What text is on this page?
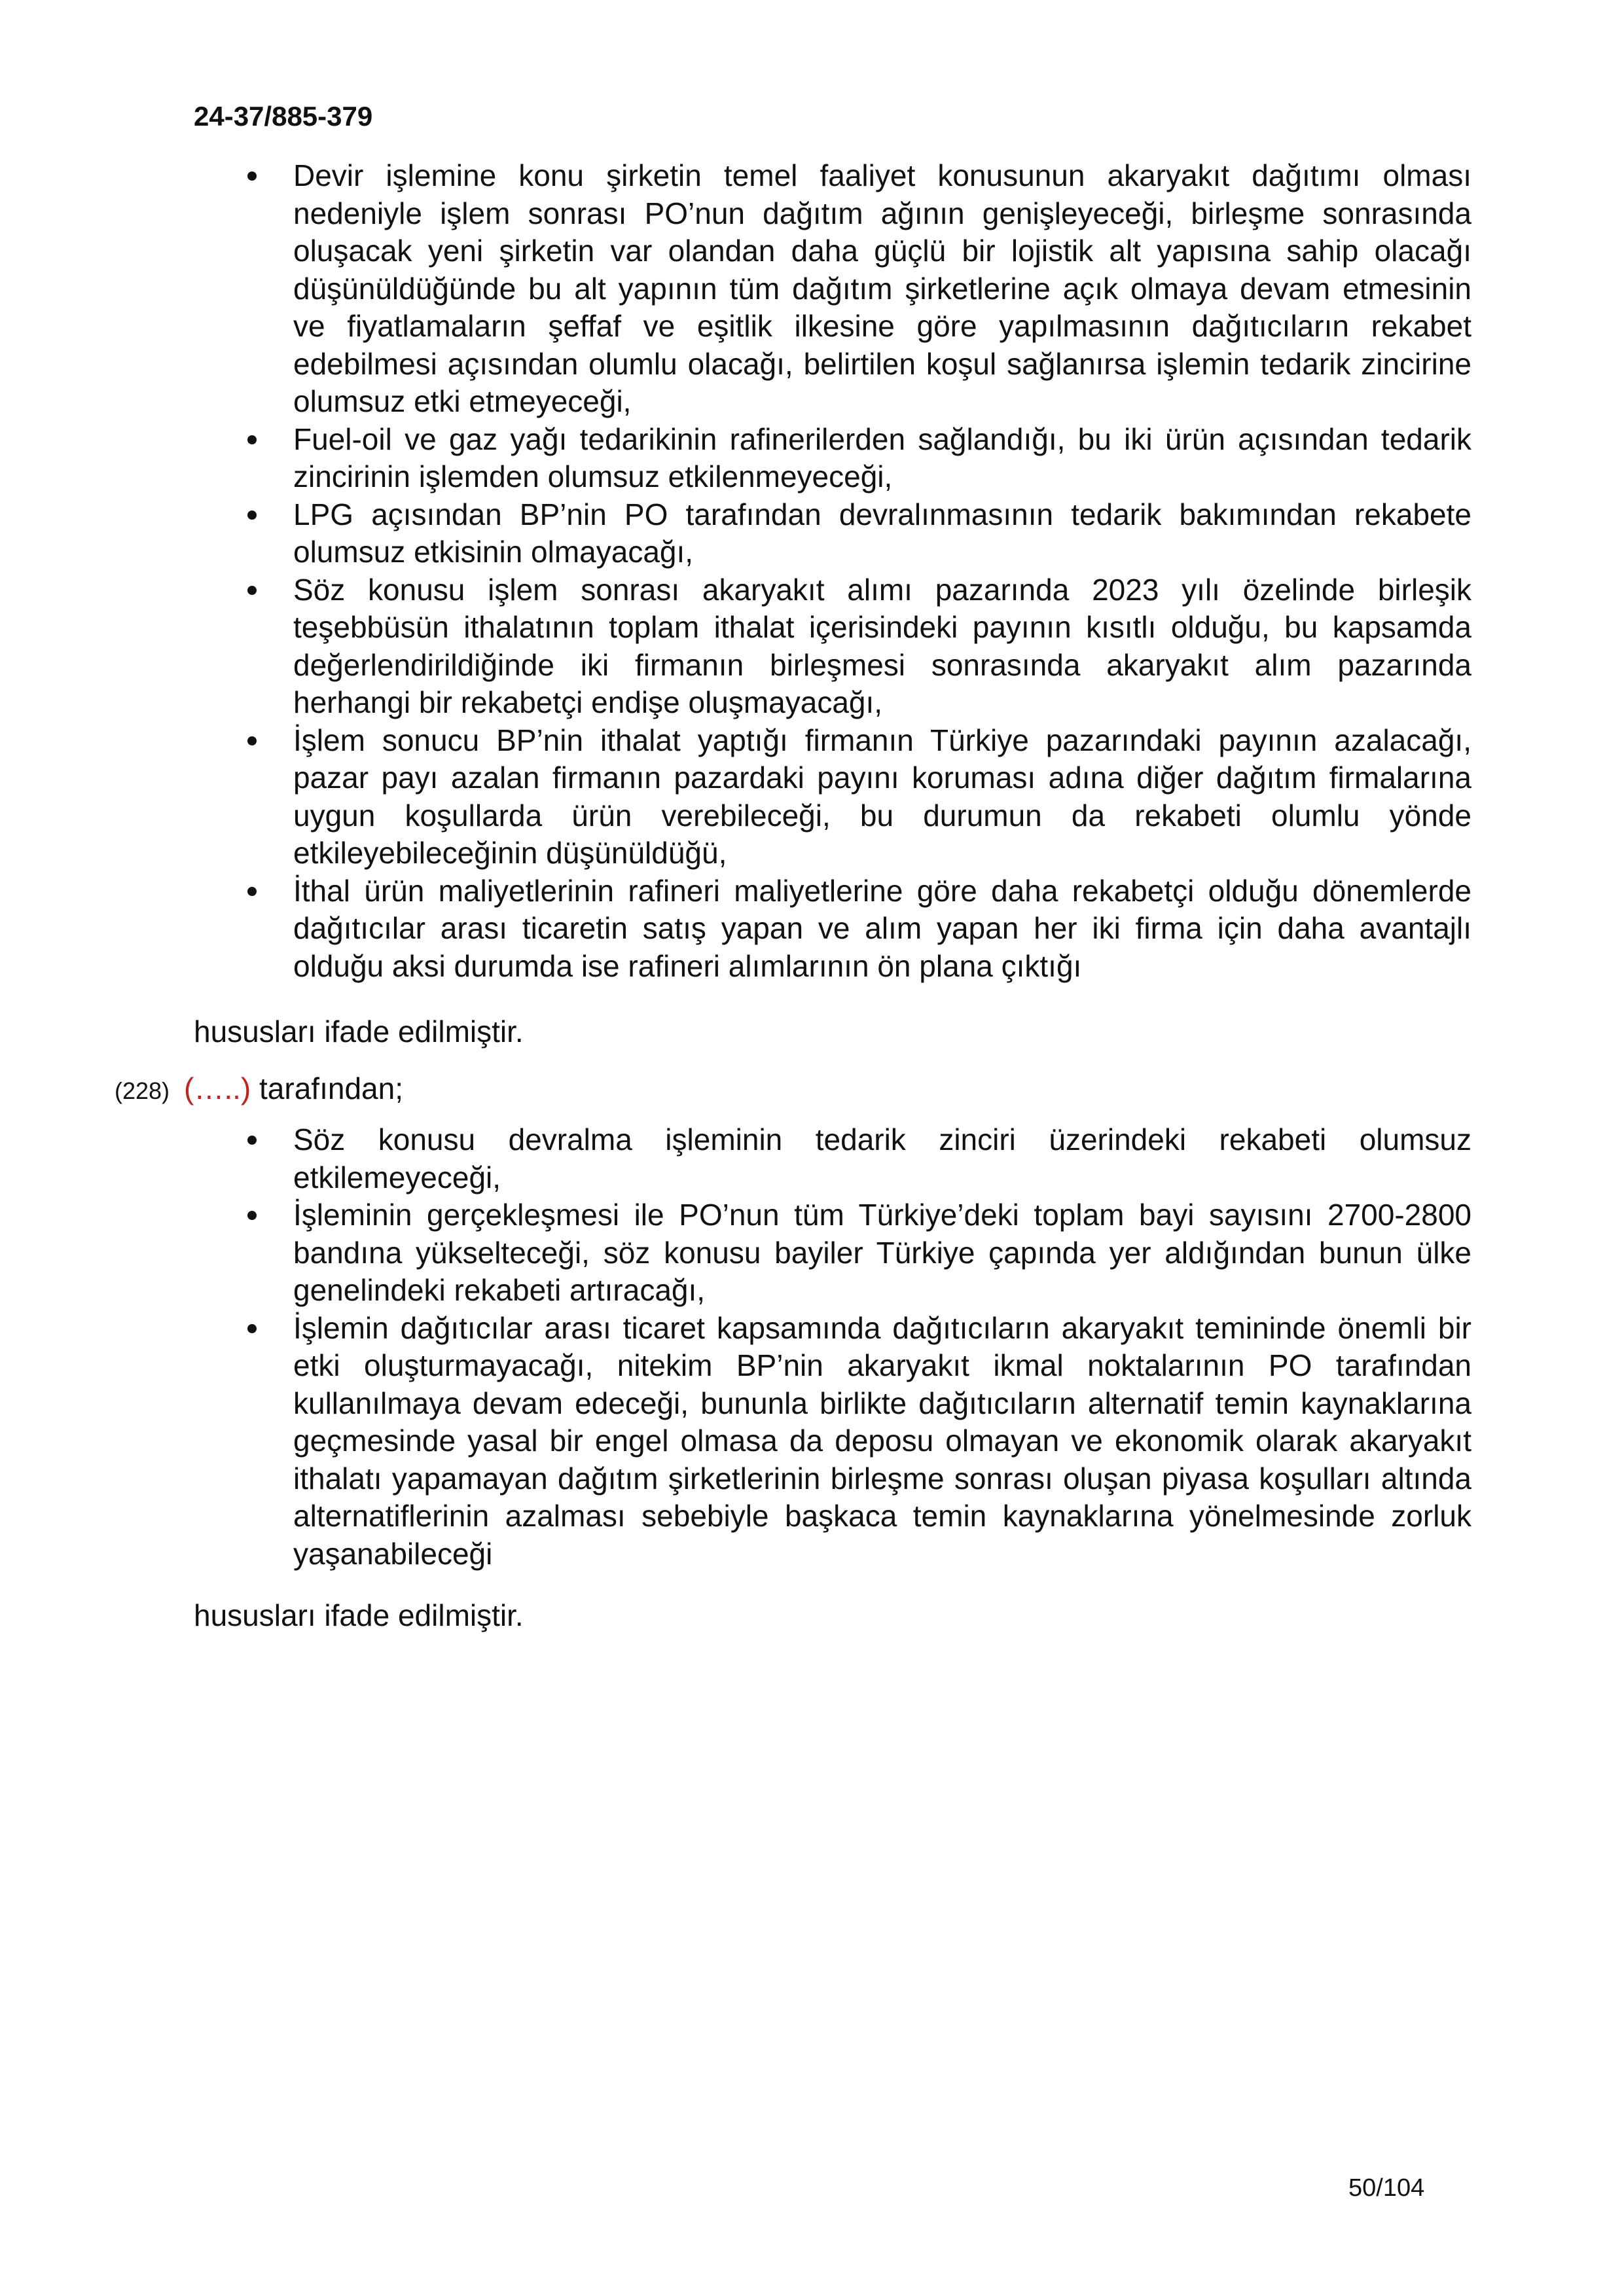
24-37/885-379

Devir işlemine konu şirketin temel faaliyet konusunun akaryakıt dağıtımı olması nedeniyle işlem sonrası PO’nun dağıtım ağının genişleyeceği, birleşme sonrasında oluşacak yeni şirketin var olandan daha güçlü bir lojistik alt yapısına sahip olacağı düşünüldüğünde bu alt yapının tüm dağıtım şirketlerine açık olmaya devam etmesinin ve fiyatlamaların şeffaf ve eşitlik ilkesine göre yapılmasının dağıtıcıların rekabet edebilmesi açısından olumlu olacağı, belirtilen koşul sağlanırsa işlemin tedarik zincirine olumsuz etki etmeyeceği,
Fuel-oil ve gaz yağı tedarikinin rafinerilerden sağlandığı, bu iki ürün açısından tedarik zincirinin işlemden olumsuz etkilenmeyeceği,
LPG açısından BP’nin PO tarafından devralınmasının tedarik bakımından rekabete olumsuz etkisinin olmayacağı,
Söz konusu işlem sonrası akaryakıt alımı pazarında 2023 yılı özelinde birleşik teşebbüsün ithalatının toplam ithalat içerisindeki payının kısıtlı olduğu, bu kapsamda değerlendirildiğinde iki firmanın birleşmesi sonrasında akaryakıt alım pazarında herhangi bir rekabetçi endişe oluşmayacağı,
İşlem sonucu BP’nin ithalat yaptığı firmanın Türkiye pazarındaki payının azalacağı, pazar payı azalan firmanın pazardaki payını koruması adına diğer dağıtım firmalarına uygun koşullarda ürün verebileceği, bu durumun da rekabeti olumlu yönde etkileyebileceğinin düşünüldüğü,
İthal ürün maliyetlerinin rafineri maliyetlerine göre daha rekabetçi olduğu dönemlerde dağıtıcılar arası ticaretin satış yapan ve alım yapan her iki firma için daha avantajlı olduğu aksi durumda ise rafineri alımlarının ön plana çıktığı

hususları ifade edilmiştir.

(228) (…..) tarafından;

Söz konusu devralma işleminin tedarik zinciri üzerindeki rekabeti olumsuz etkilemeyeceği,
İşleminin gerçekleşmesi ile PO’nun tüm Türkiye’deki toplam bayi sayısını 2700-2800 bandına yükselteceği, söz konusu bayiler Türkiye çapında yer aldığından bunun ülke genelindeki rekabeti artıracağı,
İşlemin dağıtıcılar arası ticaret kapsamında dağıtıcıların akaryakıt temininde önemli bir etki oluşturmayacağı, nitekim BP’nin akaryakıt ikmal noktalarının PO tarafından kullanılmaya devam edeceği, bununla birlikte dağıtıcıların alternatif temin kaynaklarına geçmesinde yasal bir engel olmasa da deposu olmayan ve ekonomik olarak akaryakıt ithalatı yapamayan dağıtım şirketlerinin birleşme sonrası oluşan piyasa koşulları altında alternatiflerinin azalması sebebiyle başkaca temin kaynaklarına yönelmesinde zorluk yaşanabileceği

hususları ifade edilmiştir.

50/104
